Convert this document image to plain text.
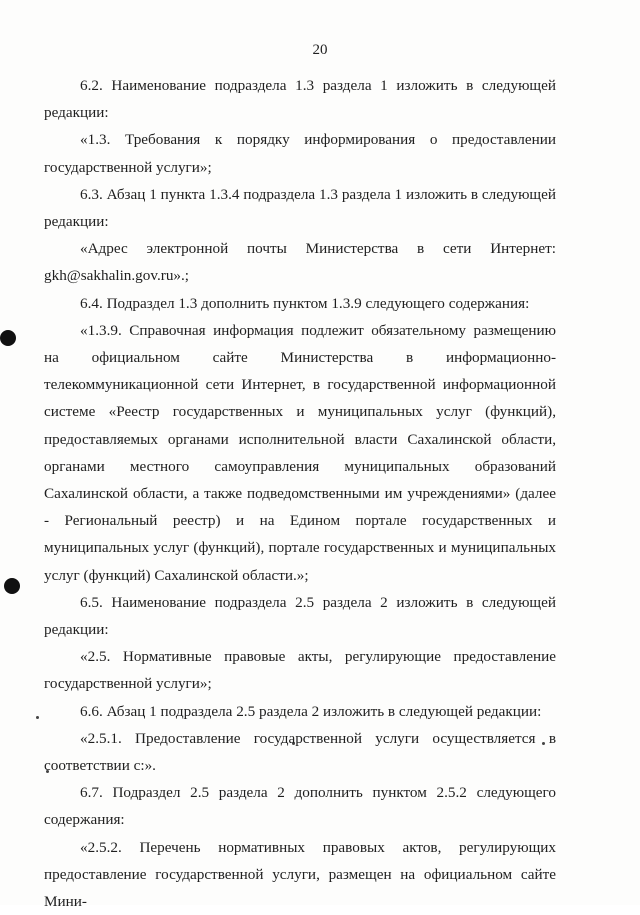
20

6.2. Наименование подраздела 1.3 раздела 1 изложить в следующей редакции:

«1.3. Требования к порядку информирования о предоставлении государственной услуги»;

6.3. Абзац 1 пункта 1.3.4 подраздела 1.3 раздела 1 изложить в следующей редакции:

«Адрес электронной почты Министерства в сети Интернет: gkh@sakhalin.gov.ru».;

6.4. Подраздел 1.3 дополнить пунктом 1.3.9 следующего содержания:

«1.3.9. Справочная информация подлежит обязательному размещению на официальном сайте Министерства в информационно-телекоммуникационной сети Интернет, в государственной информационной системе «Реестр государственных и муниципальных услуг (функций), предоставляемых органами исполнительной власти Сахалинской области, органами местного самоуправления муниципальных образований Сахалинской области, а также подведомственными им учреждениями» (далее - Региональный реестр) и на Едином портале государственных и муниципальных услуг (функций), портале государственных и муниципальных услуг (функций) Сахалинской области.»;

6.5. Наименование подраздела 2.5 раздела 2 изложить в следующей редакции:

«2.5. Нормативные правовые акты, регулирующие предоставление государственной услуги»;

6.6. Абзац 1 подраздела 2.5 раздела 2 изложить в следующей редакции:

«2.5.1. Предоставление государственной услуги осуществляется в соответствии с:».

6.7. Подраздел 2.5 раздела 2 дополнить пунктом 2.5.2 следующего содержания:

«2.5.2. Перечень нормативных правовых актов, регулирующих предоставление государственной услуги, размещен на официальном сайте Мини-
